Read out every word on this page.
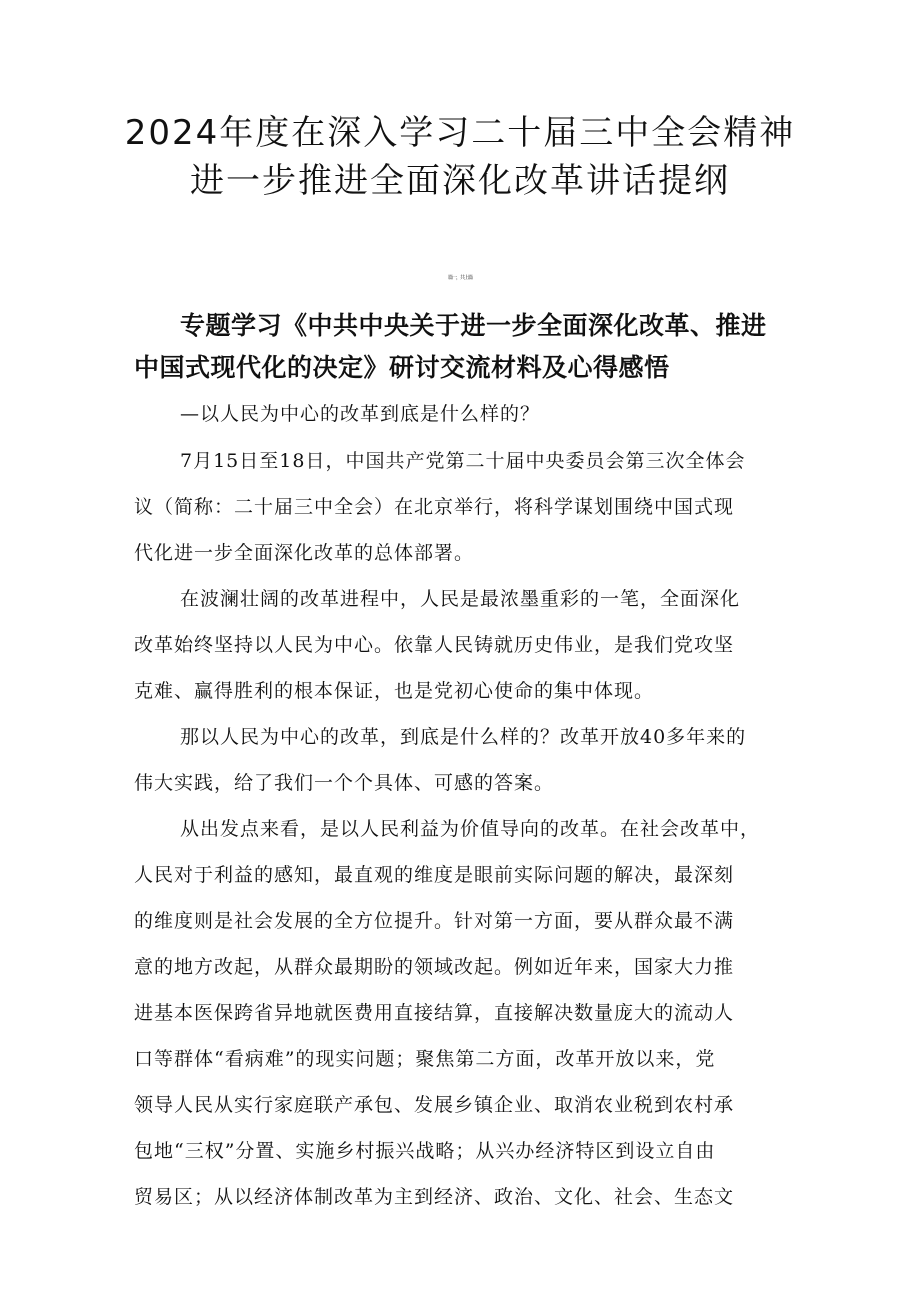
2024年度在深入学习二十届三中全会精神
进一步推进全面深化改革讲话提纲
篇一，共上篇
专题学习《中共中央关于进一步全面深化改革、推进
中国式现代化的决定》研讨交流材料及心得感悟
—以人民为中心的改革到底是什么样的？
7月15日至18日，中国共产党第二十届中央委员会第三次全体会
议（简称：二十届三中全会）在北京举行，将科学谋划围绕中国式现
代化进一步全面深化改革的总体部署。
在波澜壮阔的改革进程中，人民是最浓墨重彩的一笔，全面深化
改革始终坚持以人民为中心。依靠人民铸就历史伟业，是我们党攻坚
克难、赢得胜利的根本保证，也是党初心使命的集中体现。
那以人民为中心的改革，到底是什么样的？改革开放40多年来的
伟大实践，给了我们一个个具体、可感的答案。
从出发点来看，是以人民利益为价值导向的改革。在社会改革中，
人民对于利益的感知，最直观的维度是眼前实际问题的解决，最深刻
的维度则是社会发展的全方位提升。针对第一方面，要从群众最不满
意的地方改起，从群众最期盼的领域改起。例如近年来，国家大力推
进基本医保跨省异地就医费用直接结算，直接解决数量庞大的流动人
口等群体“看病难”的现实问题；聚焦第二方面，改革开放以来，党
领导人民从实行家庭联产承包、发展乡镇企业、取消农业税到农村承
包地“三权”分置、实施乡村振兴战略；从兴办经济特区到设立自由
贸易区；从以经济体制改革为主到经济、政治、文化、社会、生态文
